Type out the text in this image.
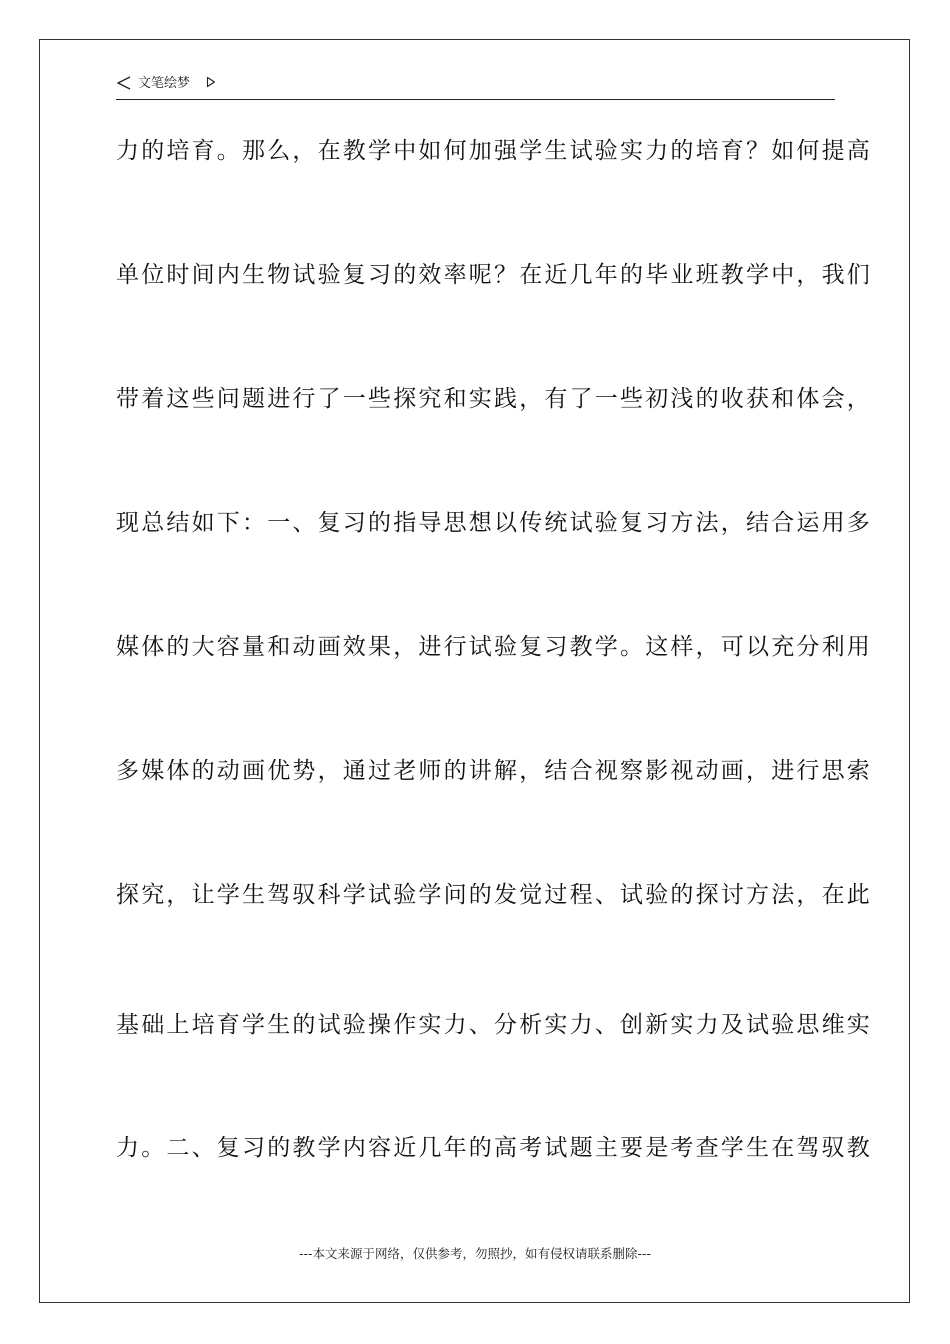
文笔绘梦
力的培育。那么，在教学中如何加强学生试验实力的培育？如何提高
单位时间内生物试验复习的效率呢？在近几年的毕业班教学中，我们
带着这些问题进行了一些探究和实践，有了一些初浅的收获和体会，
现总结如下：一、复习的指导思想以传统试验复习方法，结合运用多
媒体的大容量和动画效果，进行试验复习教学。这样，可以充分利用
多媒体的动画优势，通过老师的讲解，结合视察影视动画，进行思索
探究，让学生驾驭科学试验学问的发觉过程、试验的探讨方法，在此
基础上培育学生的试验操作实力、分析实力、创新实力及试验思维实
力。二、复习的教学内容近几年的高考试题主要是考查学生在驾驭教
---本文来源于网络，仅供参考，勿照抄，如有侵权请联系删除---
